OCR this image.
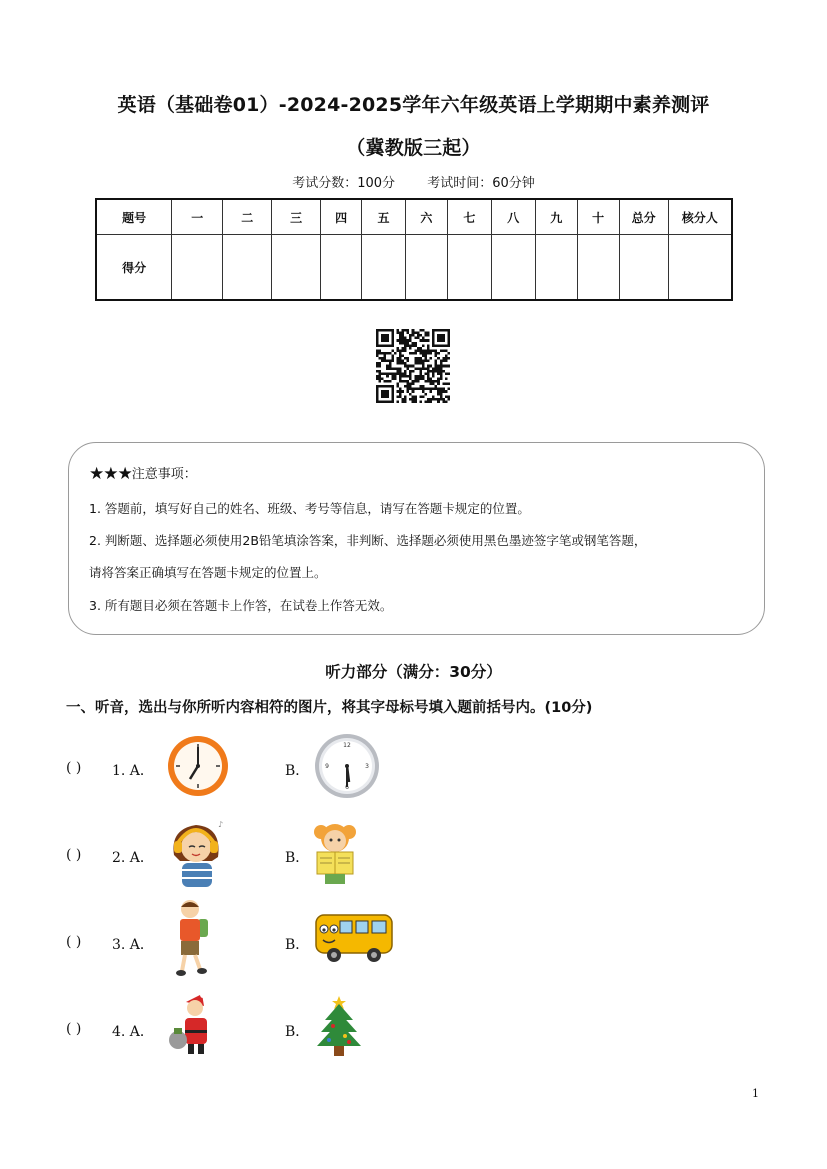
英语（基础卷01）-2024-2025学年六年级英语上学期期中素养测评
（冀教版三起）
考试分数：100分 考试时间：60分钟
题号	一	二	三	四	五	六	七	八	九	十	总分	核分人
得分												
★★★注意事项：
1. 答题前，填写好自己的姓名、班级、考号等信息，请写在答题卡规定的位置。
2. 判断题、选择题必须使用2B铅笔填涂答案，非判断、选择题必须使用黑色墨迹签字笔或钢笔答题，
请将答案正确填写在答题卡规定的位置上。
3. 所有题目必须在答题卡上作答，在试卷上作答无效。
听力部分（满分：30分）
一、听音，选出与你所听内容相符的图片，将其字母标号填入题前括号内。(10分)
( ) 1. A．	B．
12
3
6
9
( ) 2. A．
♪
B．
( ) 3. A．	B．
( ) 4. A．	B．
1
